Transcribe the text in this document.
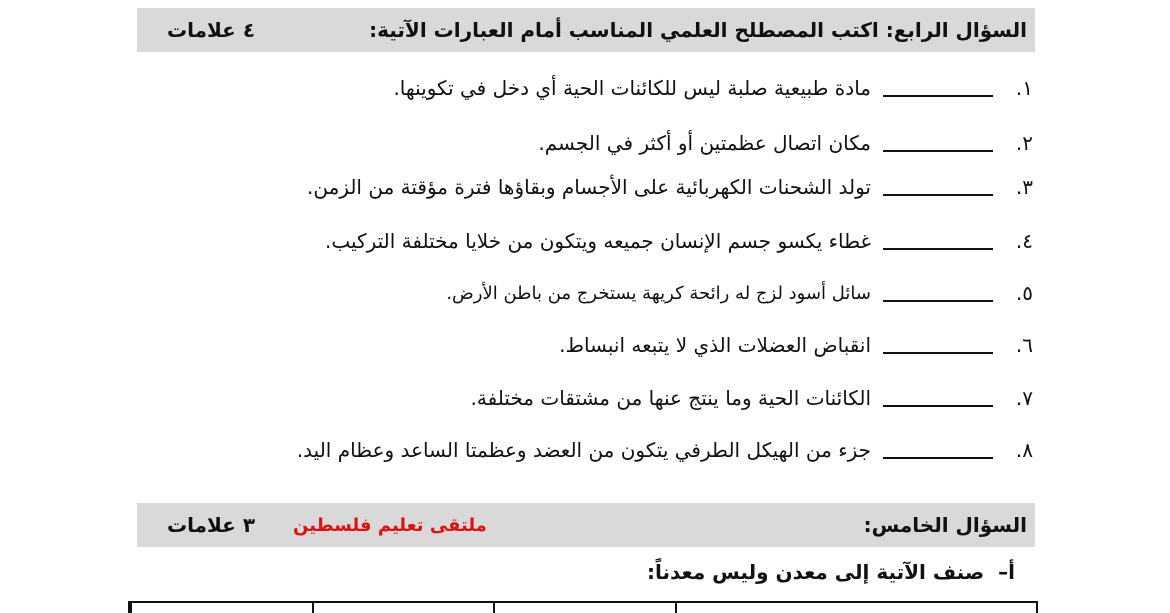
السؤال الرابع: اكتب المصطلح العلمي المناسب أمام العبارات الآتية:
٤ علامات
١.
مادة طبيعية صلبة ليس للكائنات الحية أي دخل في تكوينها.
٢.
مكان اتصال عظمتين أو أكثر في الجسم.
٣.
تولد الشحنات الكهربائية على الأجسام وبقاؤها فترة مؤقتة من الزمن.
٤.
غطاء يكسو جسم الإنسان جميعه ويتكون من خلايا مختلفة التركيب.
٥.
سائل أسود لزج له رائحة كريهة يستخرج من باطن الأرض.
٦.
انقباض العضلات الذي لا يتبعه انبساط.
٧.
الكائنات الحية وما ينتج عنها من مشتقات مختلفة.
٨.
جزء من الهيكل الطرفي يتكون من العضد وعظمتا الساعد وعظام اليد.
السؤال الخامس:
ملتقى تعليم فلسطين
٣ علامات
أ–
صنف الآتية إلى معدن وليس معدناً:
